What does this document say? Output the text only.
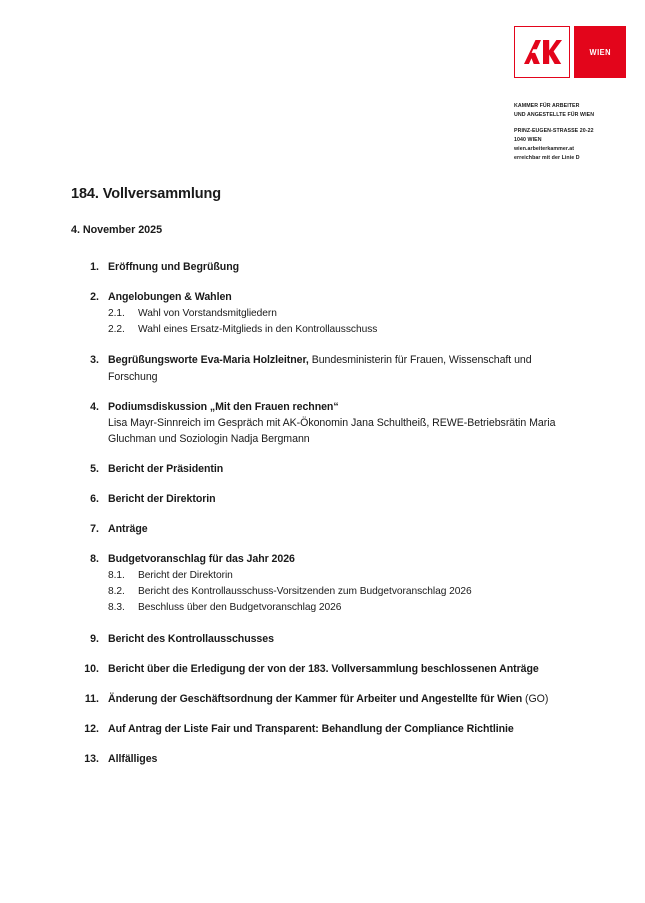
WIEN
KAMMER FÜR ARBEITER
UND ANGESTELLTE FÜR WIEN
PRINZ-EUGEN-STRASSE 20-22
1040 WIEN
wien.arbeiterkammer.at
erreichbar mit der Linie D
184. Vollversammlung
4. November 2025
1. Eröffnung und Begrüßung
2. Angelobungen & Wahlen
2.1.	Wahl von Vorstandsmitgliedern
2.2.	Wahl eines Ersatz-Mitglieds in den Kontrollausschuss
3. Begrüßungsworte Eva-Maria Holzleitner, Bundesministerin für Frauen, Wissenschaft und Forschung
4. Podiumsdiskussion „Mit den Frauen rechnen“
Lisa Mayr-Sinnreich im Gespräch mit AK-Ökonomin Jana Schultheiß, REWE-Betriebsrätin Maria Gluchman und Soziologin Nadja Bergmann
5. Bericht der Präsidentin
6. Bericht der Direktorin
7. Anträge
8. Budgetvoranschlag für das Jahr 2026
8.1.	Bericht der Direktorin
8.2.	Bericht des Kontrollausschuss-Vorsitzenden zum Budgetvoranschlag 2026
8.3.	Beschluss über den Budgetvoranschlag 2026
9. Bericht des Kontrollausschusses
10. Bericht über die Erledigung der von der 183. Vollversammlung beschlossenen Anträge
11. Änderung der Geschäftsordnung der Kammer für Arbeiter und Angestellte für Wien (GO)
12. Auf Antrag der Liste Fair und Transparent: Behandlung der Compliance Richtlinie
13. Allfälliges
